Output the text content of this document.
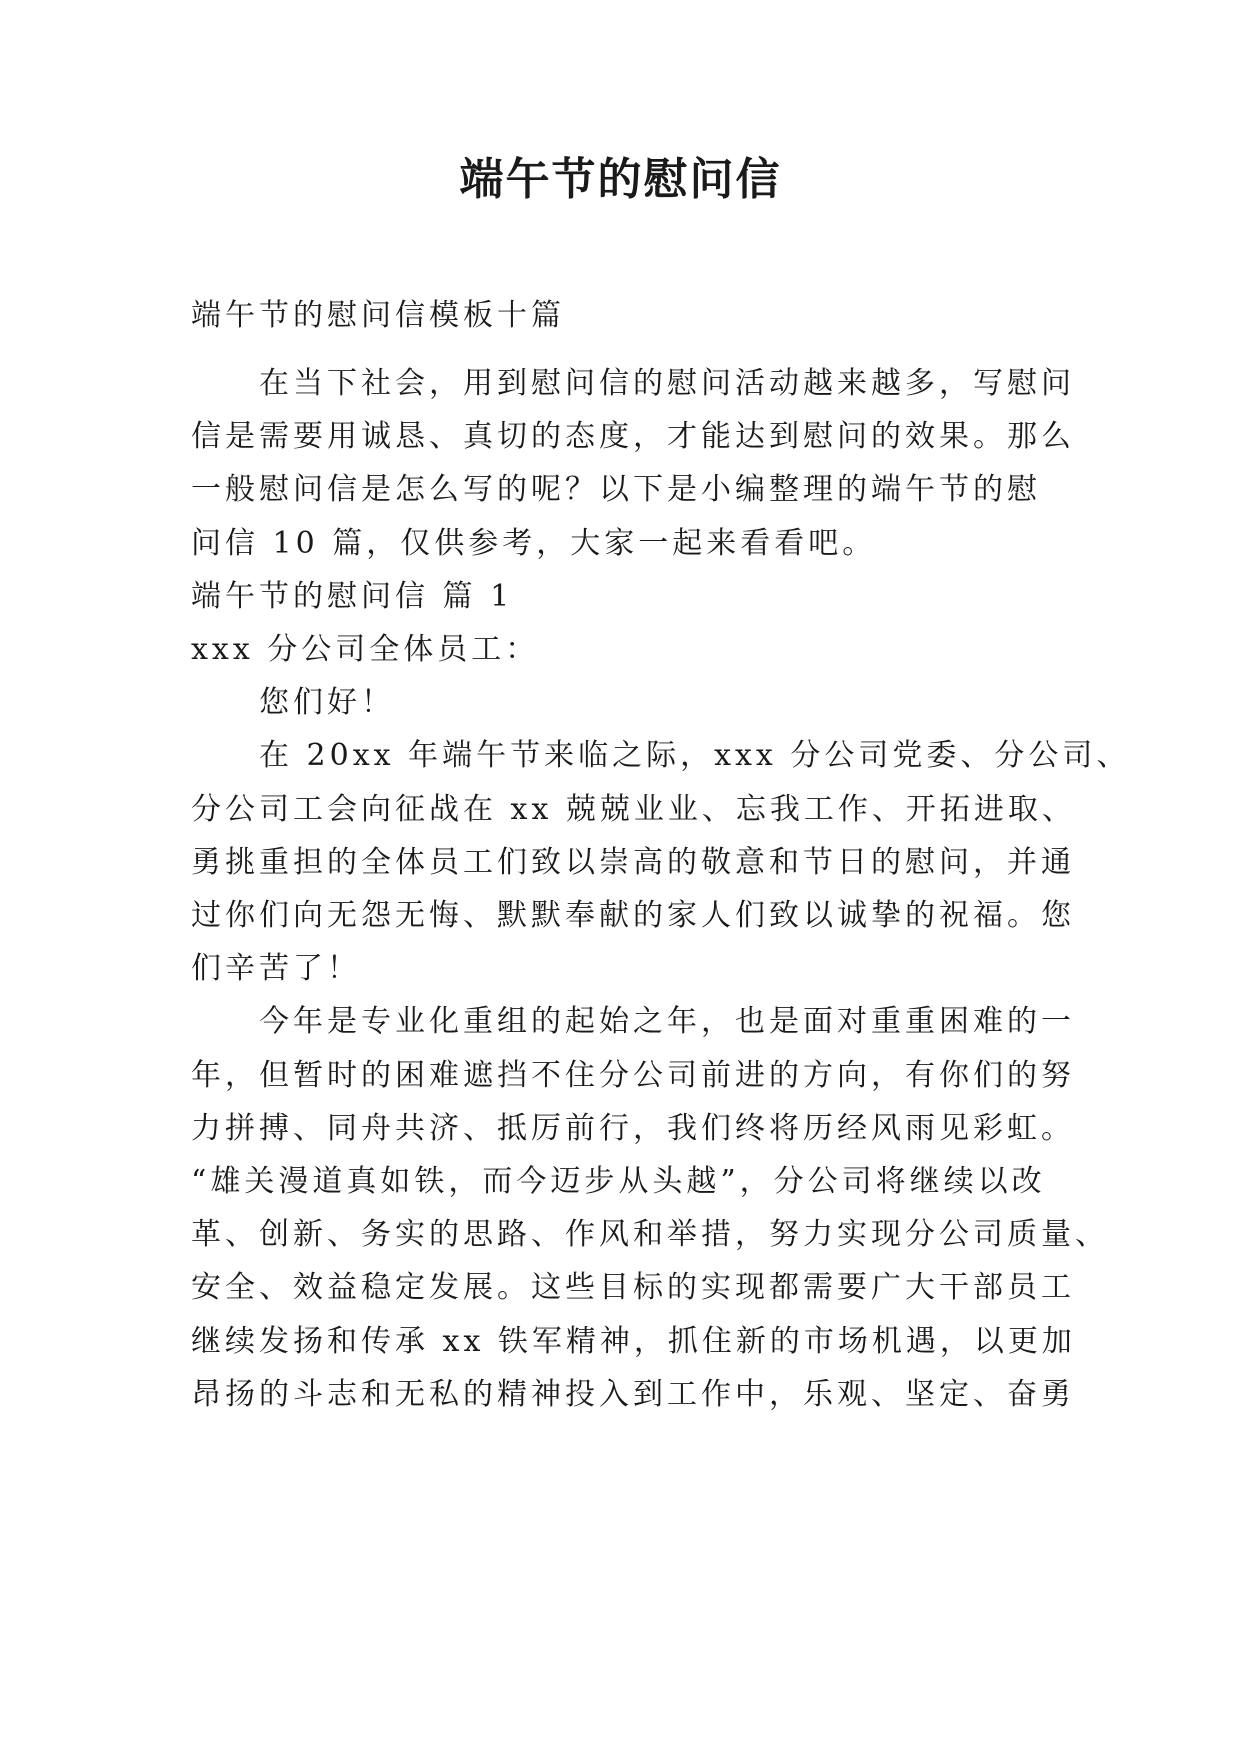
端午节的慰问信
端午节的慰问信模板十篇
在当下社会，用到慰问信的慰问活动越来越多，写慰问
信是需要用诚恳、真切的态度，才能达到慰问的效果。那么
一般慰问信是怎么写的呢？以下是小编整理的端午节的慰
问信 10 篇，仅供参考，大家一起来看看吧。
端午节的慰问信 篇 1
xxx 分公司全体员工：
您们好！
在 20xx 年端午节来临之际，xxx 分公司党委、分公司、
分公司工会向征战在 xx 兢兢业业、忘我工作、开拓进取、
勇挑重担的全体员工们致以崇高的敬意和节日的慰问，并通
过你们向无怨无悔、默默奉献的家人们致以诚挚的祝福。您
们辛苦了！
今年是专业化重组的起始之年，也是面对重重困难的一
年，但暂时的困难遮挡不住分公司前进的方向，有你们的努
力拼搏、同舟共济、抵厉前行，我们终将历经风雨见彩虹。
“雄关漫道真如铁，而今迈步从头越”，分公司将继续以改
革、创新、务实的思路、作风和举措，努力实现分公司质量、
安全、效益稳定发展。这些目标的实现都需要广大干部员工
继续发扬和传承 xx 铁军精神，抓住新的市场机遇，以更加
昂扬的斗志和无私的精神投入到工作中，乐观、坚定、奋勇
